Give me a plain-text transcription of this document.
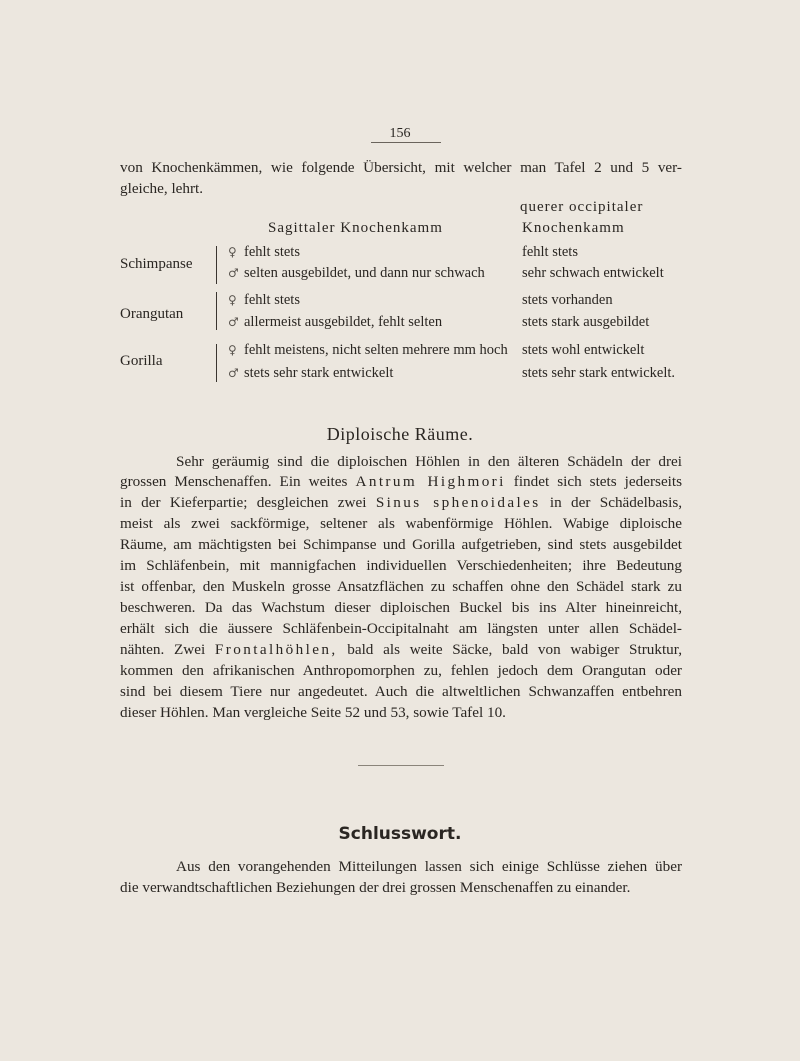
156
von Knochenkämmen, wie folgende Übersicht, mit welcher man Tafel 2 und 5 ver-
gleiche, lehrt.
querer occipitaler
Sagittaler Knochenkamm	Knochenkamm
Schimpanse
♀ fehlt stets
♂ selten ausgebildet, und dann nur schwach
fehlt stets
sehr schwach entwickelt
Orangutan
♀ fehlt stets
♂ allermeist ausgebildet, fehlt selten
stets vorhanden
stets stark ausgebildet
Gorilla
♀ fehlt meistens, nicht selten mehrere mm hoch
♂ stets sehr stark entwickelt
stets wohl entwickelt
stets sehr stark entwickelt.
Diploische Räume.
Sehr geräumig sind die diploischen Höhlen in den älteren Schädeln der drei
grossen Menschenaffen. Ein weites Antrum Highmori findet sich stets jederseits
in der Kieferpartie; desgleichen zwei Sinus sphenoidales in der Schädelbasis,
meist als zwei sackförmige, seltener als wabenförmige Höhlen. Wabige diploische
Räume, am mächtigsten bei Schimpanse und Gorilla aufgetrieben, sind stets ausgebildet
im Schläfenbein, mit mannigfachen individuellen Verschiedenheiten; ihre Bedeutung
ist offenbar, den Muskeln grosse Ansatzflächen zu schaffen ohne den Schädel stark zu
beschweren. Da das Wachstum dieser diploischen Buckel bis ins Alter hineinreicht,
erhält sich die äussere Schläfenbein-Occipitalnaht am längsten unter allen Schädel-
nähten. Zwei Frontalhöhlen, bald als weite Säcke, bald von wabiger Struktur,
kommen den afrikanischen Anthropomorphen zu, fehlen jedoch dem Orangutan oder
sind bei diesem Tiere nur angedeutet. Auch die altweltlichen Schwanzaffen entbehren
dieser Höhlen. Man vergleiche Seite 52 und 53, sowie Tafel 10.
Schlusswort.
Aus den vorangehenden Mitteilungen lassen sich einige Schlüsse ziehen über
die verwandtschaftlichen Beziehungen der drei grossen Menschenaffen zu einander.
